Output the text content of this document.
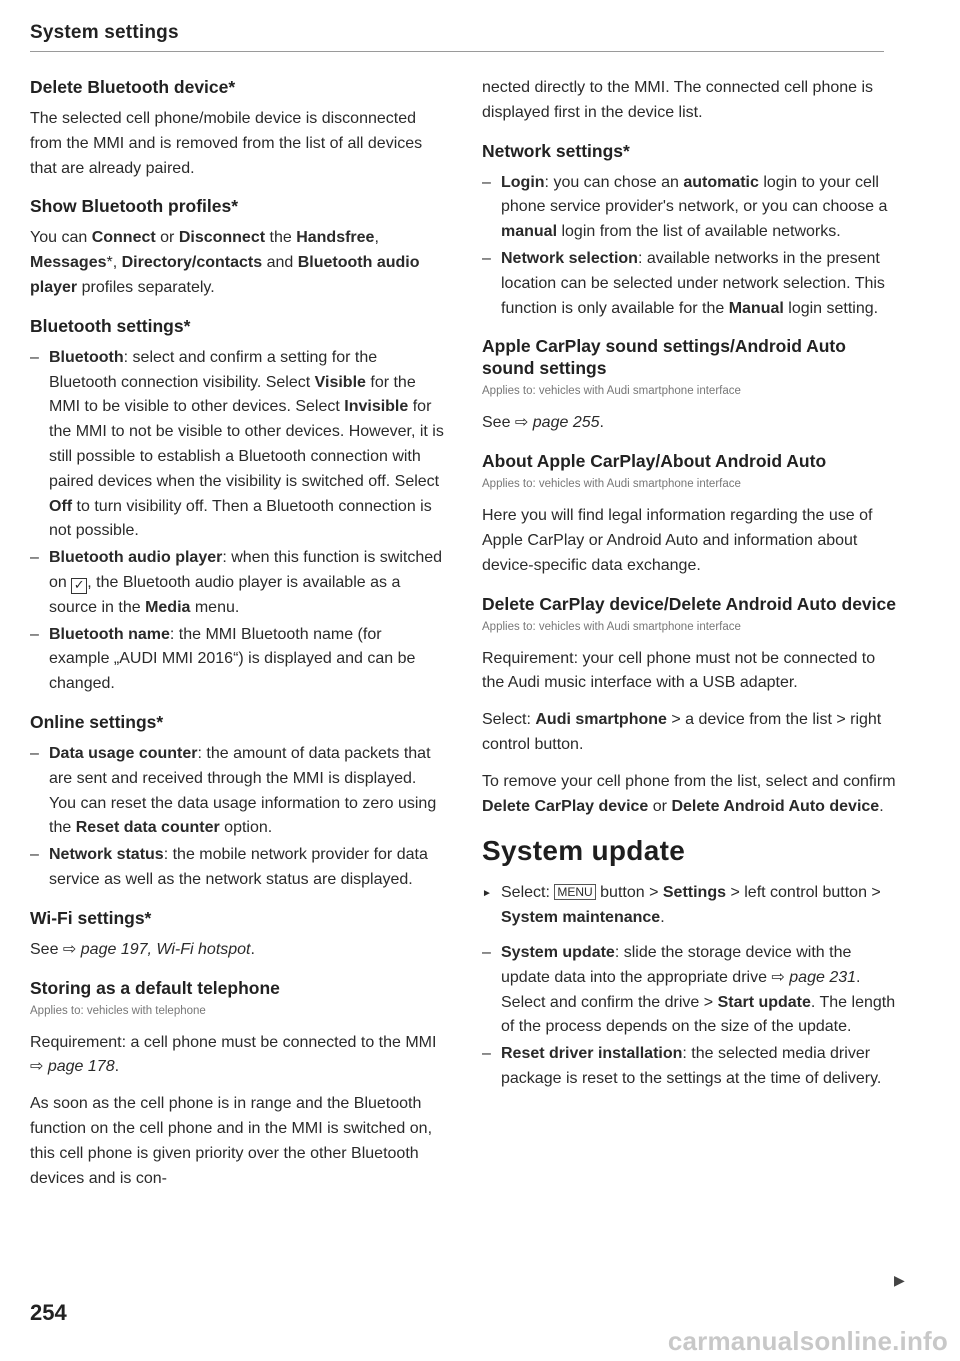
System settings
Delete Bluetooth device*

The selected cell phone/mobile device is disconnected from the MMI and is removed from the list of all devices that are already paired.

Show Bluetooth profiles*

You can Connect or Disconnect the Handsfree, Messages*, Directory/contacts and Bluetooth audio player profiles separately.

Bluetooth settings*
– Bluetooth: select and confirm a setting for the Bluetooth connection visibility. Select Visible for the MMI to be visible to other devices. Select Invisible for the MMI to not be visible to other devices. However, it is still possible to establish a Bluetooth connection with paired devices when the visibility is switched off. Select Off to turn visibility off. Then a Bluetooth connection is not possible.
– Bluetooth audio player: when this function is switched on ✓ , the Bluetooth audio player is available as a source in the Media menu.
– Bluetooth name: the MMI Bluetooth name (for example „AUDI MMI 2016“) is displayed and can be changed.
Online settings*
– Data usage counter: the amount of data packets that are sent and received through the MMI is displayed. You can reset the data usage information to zero using the Reset data counter option.
– Network status: the mobile network provider for data service as well as the network status are displayed.
Wi-Fi settings*

See ⇨ page 197, Wi-Fi hotspot.

Storing as a default telephone
Applies to: vehicles with telephone

Requirement: a cell phone must be connected to the MMI ⇨ page 178.

As soon as the cell phone is in range and the Bluetooth function on the cell phone and in the MMI is switched on, this cell phone is given priority over the other Bluetooth devices and is con-

nected directly to the MMI. The connected cell phone is displayed first in the device list.

Network settings*
– Login: you can chose an automatic login to your cell phone service provider's network, or you can choose a manual login from the list of available networks.
– Network selection: available networks in the present location can be selected under network selection. This function is only available for the Manual login setting.
Apple CarPlay sound settings/Android Auto sound settings
Applies to: vehicles with Audi smartphone interface

See ⇨ page 255.

About Apple CarPlay/About Android Auto
Applies to: vehicles with Audi smartphone interface

Here you will find legal information regarding the use of Apple CarPlay or Android Auto and information about device-specific data exchange.

Delete CarPlay device/Delete Android Auto device
Applies to: vehicles with Audi smartphone interface

Requirement: your cell phone must not be connected to the Audi music interface with a USB adapter.

Select: Audi smartphone > a device from the list > right control button.

To remove your cell phone from the list, select and confirm Delete CarPlay device or Delete Android Auto device.

System update
► Select: MENU button > Settings > left control button > System maintenance.
– System update: slide the storage device with the update data into the appropriate drive ⇨ page 231. Select and confirm the drive > Start update. The length of the process depends on the size of the update.
– Reset driver installation: the selected media driver package is reset to the settings at the time of delivery.
▶
254
carmanualsonline.info
